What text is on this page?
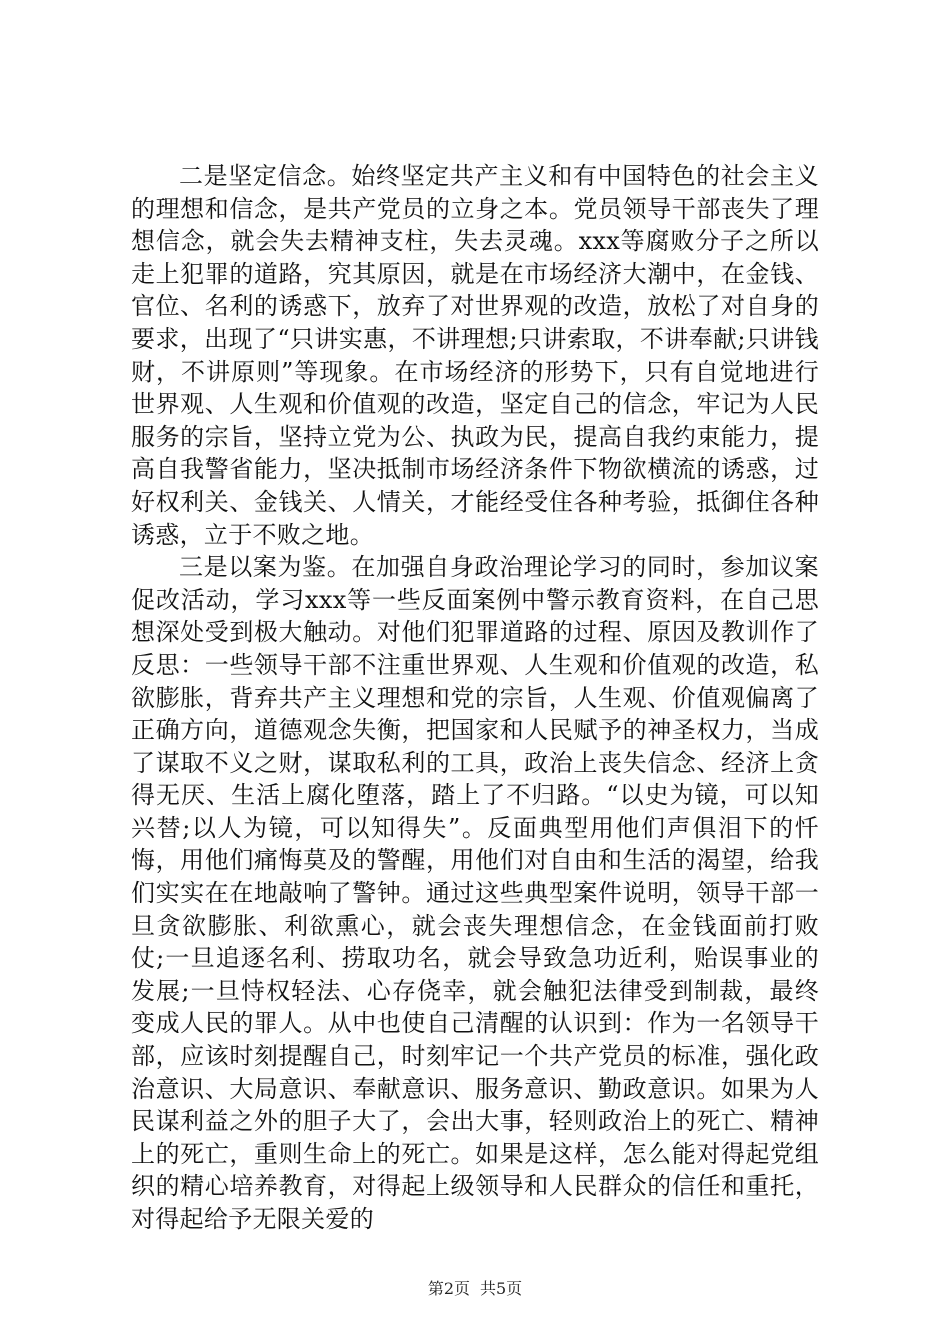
二是坚定信念。始终坚定共产主义和有中国特色的社会主义的理想和信念，是共产党员的立身之本。党员领导干部丧失了理想信念，就会失去精神支柱，失去灵魂。xxx等腐败分子之所以走上犯罪的道路，究其原因，就是在市场经济大潮中，在金钱、官位、名利的诱惑下，放弃了对世界观的改造，放松了对自身的要求，出现了“只讲实惠，不讲理想;只讲索取，不讲奉献;只讲钱财，不讲原则”等现象。在市场经济的形势下，只有自觉地进行世界观、人生观和价值观的改造，坚定自己的信念，牢记为人民服务的宗旨，坚持立党为公、执政为民，提高自我约束能力，提高自我警省能力，坚决抵制市场经济条件下物欲横流的诱惑，过好权利关、金钱关、人情关，才能经受住各种考验，抵御住各种诱惑，立于不败之地。

三是以案为鉴。在加强自身政治理论学习的同时，参加议案促改活动，学习xxx等一些反面案例中警示教育资料，在自己思想深处受到极大触动。对他们犯罪道路的过程、原因及教训作了反思：一些领导干部不注重世界观、人生观和价值观的改造，私欲膨胀，背弃共产主义理想和党的宗旨，人生观、价值观偏离了正确方向，道德观念失衡，把国家和人民赋予的神圣权力，当成了谋取不义之财，谋取私利的工具，政治上丧失信念、经济上贪得无厌、生活上腐化堕落，踏上了不归路。“以史为镜，可以知兴替;以人为镜，可以知得失”。反面典型用他们声俱泪下的忏悔，用他们痛悔莫及的警醒，用他们对自由和生活的渴望，给我们实实在在地敲响了警钟。通过这些典型案件说明，领导干部一旦贪欲膨胀、利欲熏心，就会丧失理想信念，在金钱面前打败仗;一旦追逐名利、捞取功名，就会导致急功近利，贻误事业的发展;一旦恃权轻法、心存侥幸，就会触犯法律受到制裁，最终变成人民的罪人。从中也使自己清醒的认识到：作为一名领导干部，应该时刻提醒自己，时刻牢记一个共产党员的标准，强化政治意识、大局意识、奉献意识、服务意识、勤政意识。如果为人民谋利益之外的胆子大了，会出大事，轻则政治上的死亡、精神上的死亡，重则生命上的死亡。如果是这样，怎么能对得起党组织的精心培养教育，对得起上级领导和人民群众的信任和重托，对得起给予无限关爱的

第2页 共5页
